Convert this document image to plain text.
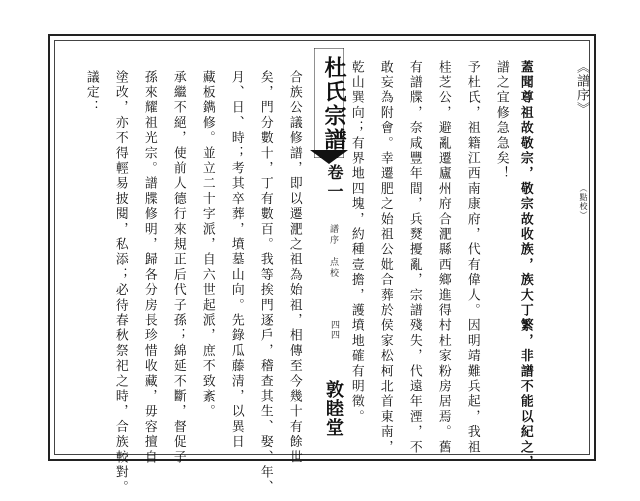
《譜序》
（點校）
蓋聞尊祖故敬宗，敬宗故收族，族大丁繁，非譜不能以紀之，
譜之宜修急急矣！
予杜氏，祖籍江西南康府，代有偉人。因明靖難兵起，我祖
桂芝公，避亂遷廬州府合淝縣西鄉進得村杜家粉房居焉。舊
有譜牒，奈咸豐年間，兵燹擾亂，宗譜殘失，代遠年湮，不
敢妄為附會。幸遷肥之始祖公妣合葬於侯家松柯北首東南，
乾山巽向；有界地四塊，約種壹擔，護墳地確有明徵。
杜氏宗譜
卷一
譜序　点校
四四
敦睦堂
合族公議修譜，即以遷淝之祖為始祖，相傳至今幾十有餘世
矣，門分數十，丁有數百。我等挨門逐戶，稽查其生、娶、年、
月、日、時；考其卒葬，墳墓山向。先錄瓜藤清，以異日
藏板鐫修。並立二十字派，自六世起派，庶不致紊。
承繼不絕，使前人德行來規正后代子孫；綿延不斷，督促子
孫來耀祖光宗。譜牒修明，歸各分房長珍惜收藏，毋容擅自
塗改，亦不得輕易披閱，私添；必待春秋祭祀之時，合族較對。
議定：
